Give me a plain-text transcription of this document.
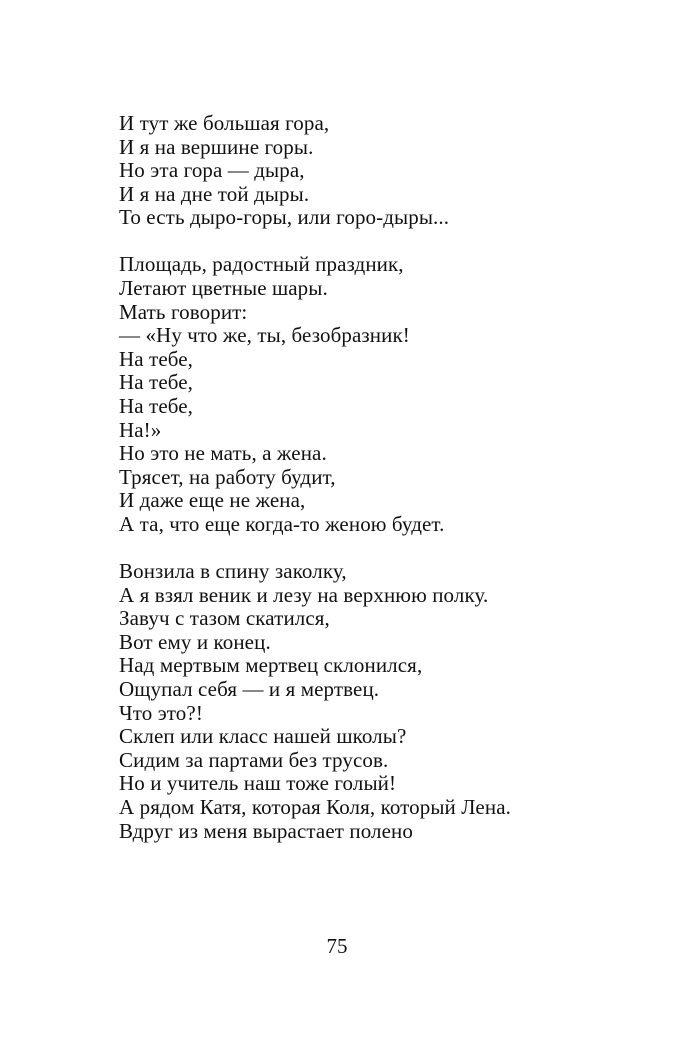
И тут же большая гора,
И я на вершине горы.
Но эта гора — дыра,
И я на дне той дыры.
То есть дыро-горы, или горо-дыры...
Площадь, радостный праздник,
Летают цветные шары.
Мать говорит:
— «Ну что же, ты, безобразник!
На тебе,
На тебе,
На тебе,
На!»
Но это не мать, а жена.
Трясет, на работу будит,
И даже еще не жена,
А та, что еще когда-то женою будет.
Вонзила в спину заколку,
А я взял веник и лезу на верхнюю полку.
Завуч с тазом скатился,
Вот ему и конец.
Над мертвым мертвец склонился,
Ощупал себя — и я мертвец.
Что это?!
Склеп или класс нашей школы?
Сидим за партами без трусов.
Но и учитель наш тоже голый!
А рядом Катя, которая Коля, который Лена.
Вдруг из меня вырастает полено
75
